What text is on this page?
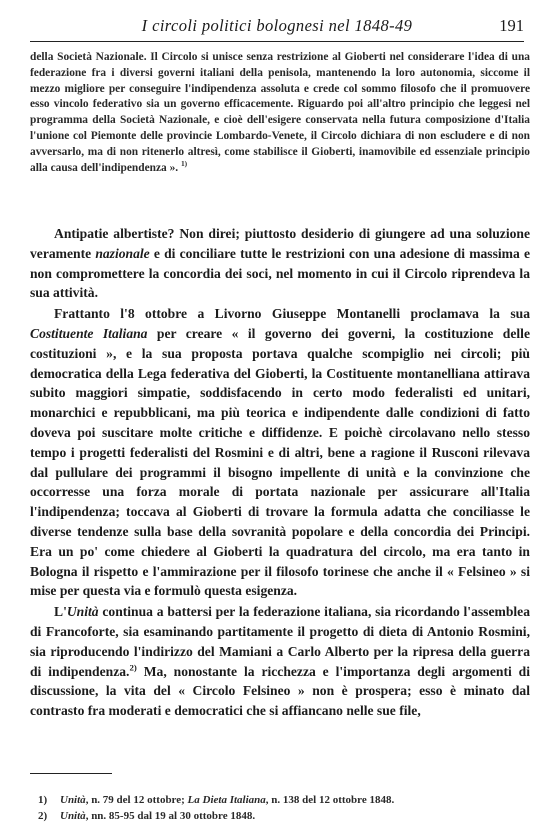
I circoli politici bolognesi nel 1848-49	191
della Società Nazionale. Il Circolo si unisce senza restrizione al Gioberti nel considerare l'idea di una federazione fra i diversi governi italiani della penisola, mantenendo la loro autonomia, siccome il mezzo migliore per conseguire l'indipendenza assoluta e crede col sommo filosofo che il promuovere esso vincolo federativo sia un governo efficacemente. Riguardo poi all'altro principio che leggesi nel programma della Società Nazionale, e cioè dell'esigere conservata nella futura composizione d'Italia l'unione col Piemonte delle provincie Lombardo-Venete, il Circolo dichiara di non escludere e di non avversarlo, ma di non ritenerlo altresì, come stabilisce il Gioberti, inamovibile ed essenziale principio alla causa dell'indipendenza ». $^{1)}$

Antipatie albertiste? Non direi; piuttosto desiderio di giungere ad una soluzione veramente nazionale e di conciliare tutte le restrizioni con una adesione di massima e non compromettere la concordia dei soci, nel momento in cui il Circolo riprendeva la sua attività.

Frattanto l'8 ottobre a Livorno Giuseppe Montanelli proclamava la sua Costituente Italiana per creare « il governo dei governi, la costituzione delle costituzioni », e la sua proposta portava qualche scompiglio nei circoli; più democratica della Lega federativa del Gioberti, la Costituente montanelliana attirava subito maggiori simpatie, soddisfacendo in certo modo federalisti ed unitari, monarchici e repubblicani, ma più teorica e indipendente dalle condizioni di fatto doveva poi suscitare molte critiche e diffidenze. E poichè circolavano nello stesso tempo i progetti federalisti del Rosmini e di altri, bene a ragione il Rusconi rilevava dal pullulare dei programmi il bisogno impellente di unità e la convinzione che occorresse una forza morale di portata nazionale per assicurare all'Italia l'indipendenza; toccava al Gioberti di trovare la formula adatta che conciliasse le diverse tendenze sulla base della sovranità popolare e della concordia dei Principi. Era un po' come chiedere al Gioberti la quadratura del circolo, ma era tanto in Bologna il rispetto e l'ammirazione per il filosofo torinese che anche il « Felsineo » si mise per questa via e formulò questa esigenza.

L'Unità continua a battersi per la federazione italiana, sia ricordando l'assemblea di Francoforte, sia esaminando partitamente il progetto di dieta di Antonio Rosmini, sia riproducendo l'indirizzo del Mamiani a Carlo Alberto per la ripresa della guerra di indipendenza.$^{2)}$ Ma, nonostante la ricchezza e l'importanza degli argomenti di discussione, la vita del « Circolo Felsineo » non è prospera; esso è minato dal contrasto fra moderati e democratici che si affiancano nelle sue file,

1) Unità, n. 79 del 12 ottobre; La Dieta Italiana, n. 138 del 12 ottobre 1848.
2) Unità, nn. 85-95 dal 19 al 30 ottobre 1848.
